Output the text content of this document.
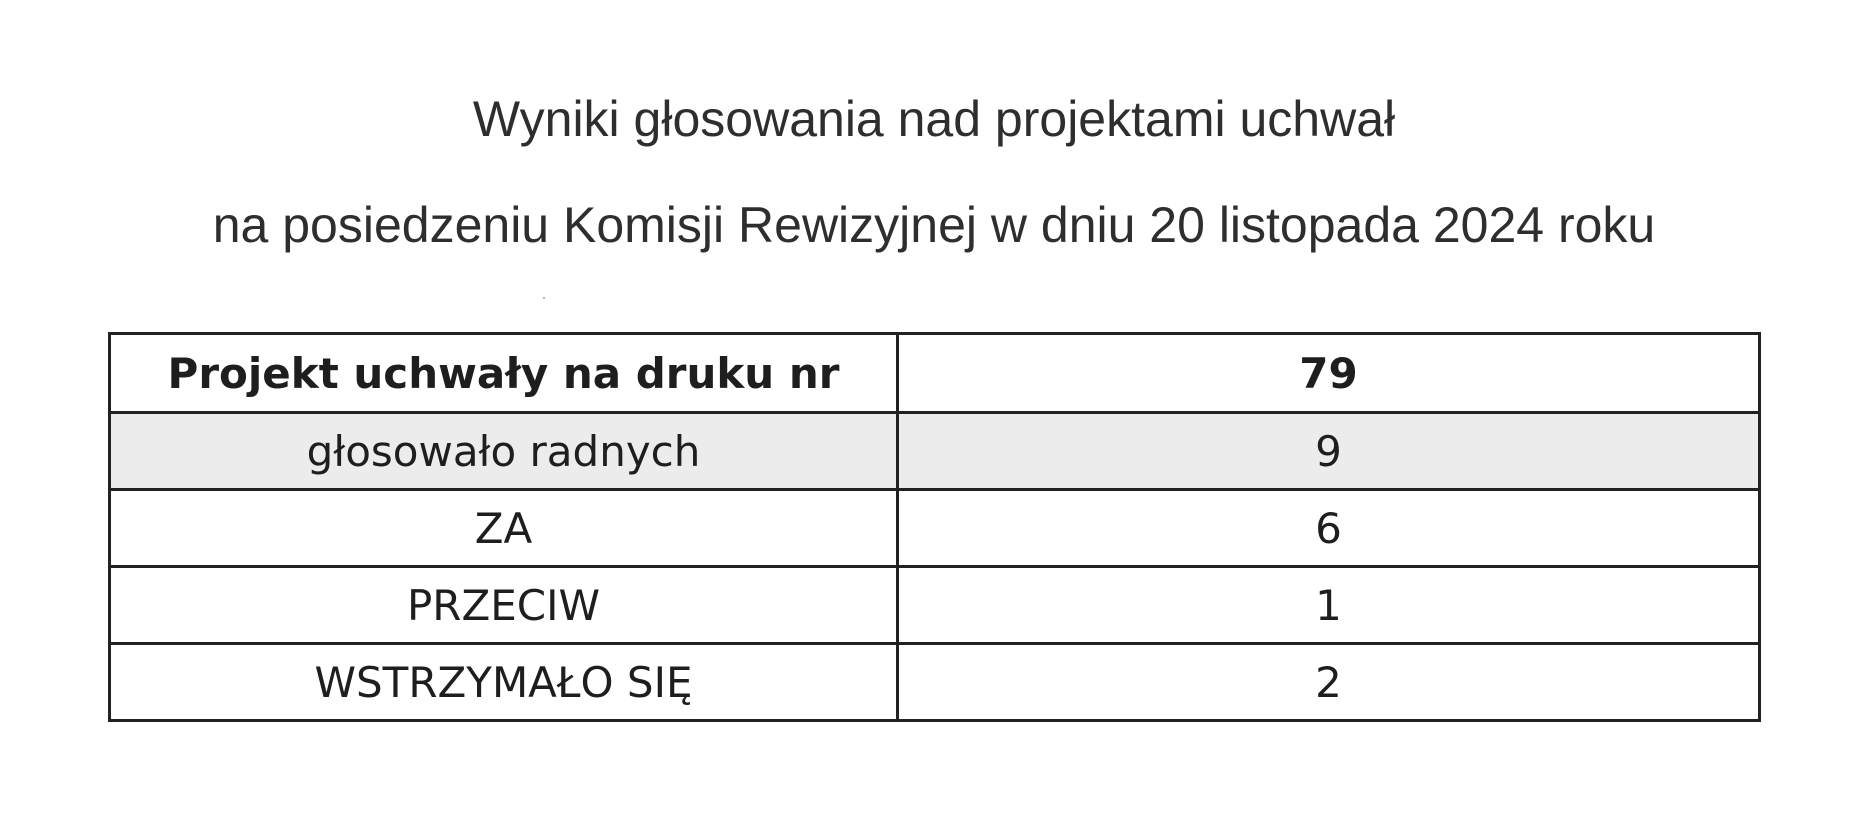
Wyniki głosowania nad projektami uchwał
na posiedzeniu Komisji Rewizyjnej w dniu 20 listopada 2024 roku
Projekt uchwały na druku nr	79
głosowało radnych	9
ZA	6
PRZECIW	1
WSTRZYMAŁO SIĘ	2
